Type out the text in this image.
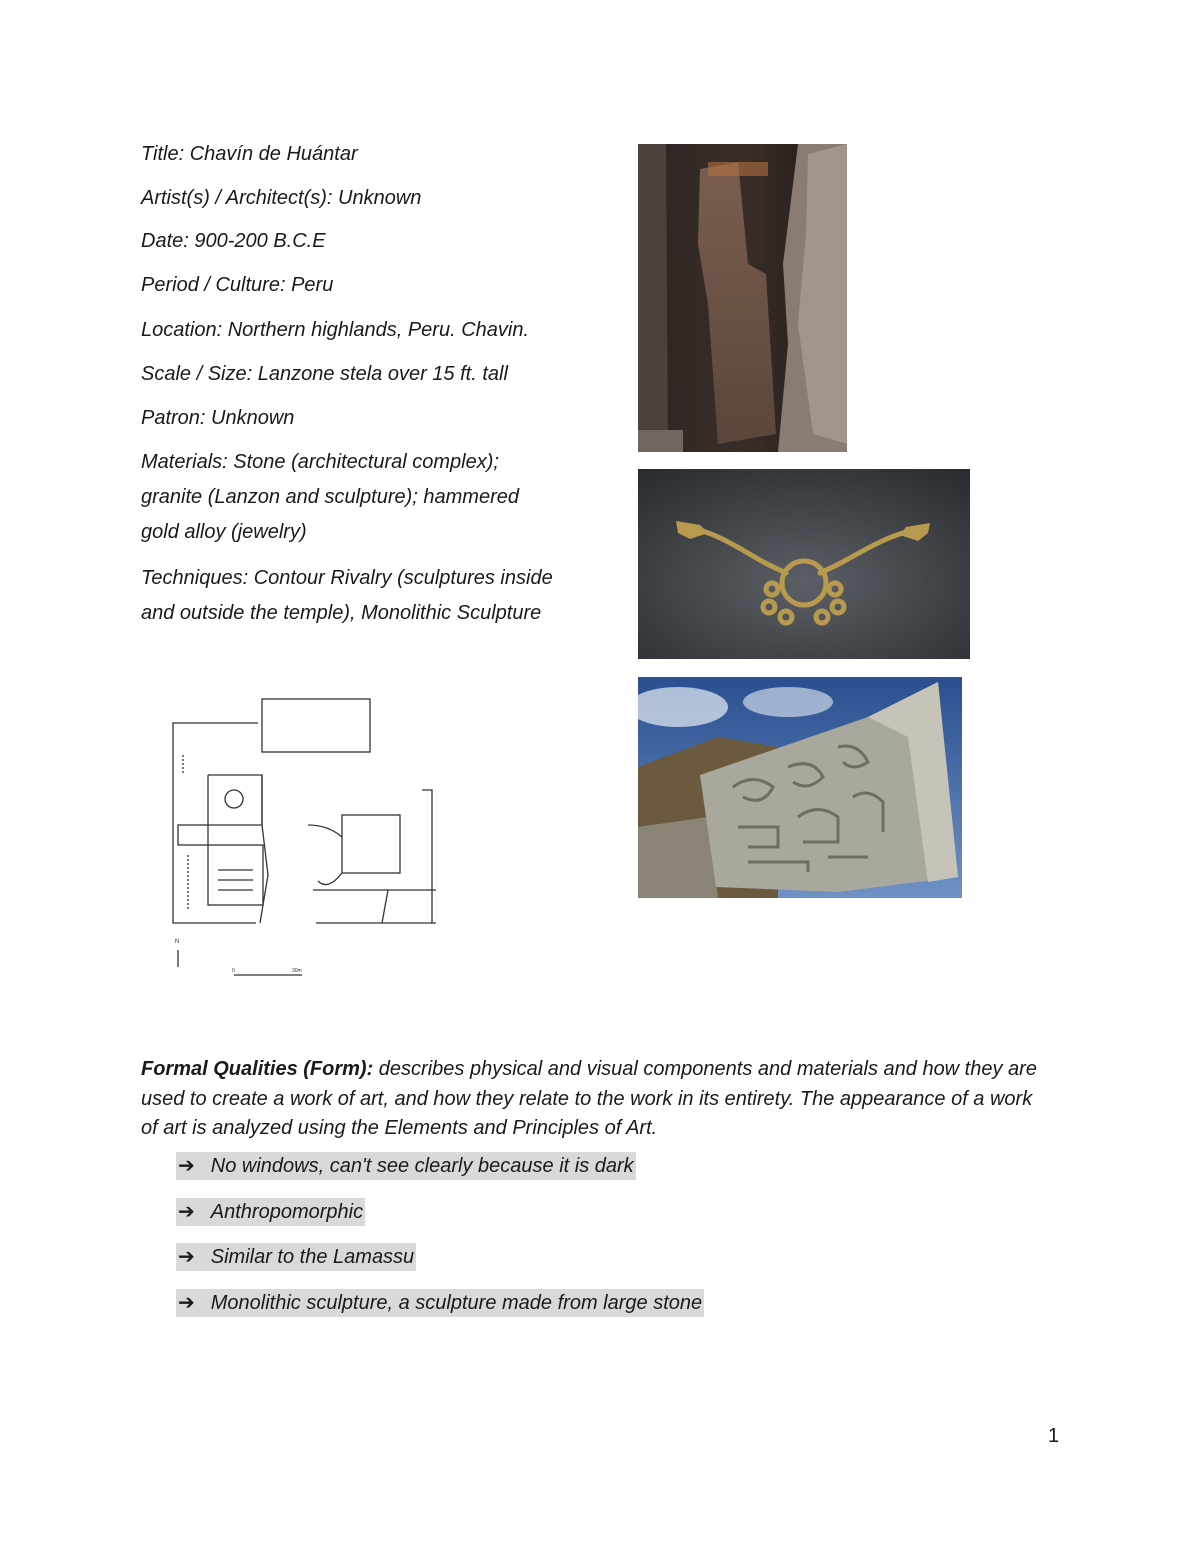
Title: Chavín de Huántar

Artist(s) / Architect(s): Unknown

Date: 900-200 B.C.E

Period / Culture: Peru

Location: Northern highlands, Peru. Chavin.

Scale / Size: Lanzone stela over 15 ft. tall

Patron: Unknown

Materials: Stone (architectural complex); granite (Lanzon and sculpture); hammered gold alloy (jewelry)

Techniques: Contour Rivalry (sculptures inside and outside the temple), Monolithic Sculpture

N
0	30m

Formal Qualities (Form): describes physical and visual components and materials and how they are used to create a work of art, and how they relate to the work in its entirety. The appearance of a work of art is analyzed using the Elements and Principles of Art.

➔ No windows, can't see clearly because it is dark
➔ Anthropomorphic
➔ Similar to the Lamassu
➔ Monolithic sculpture, a sculpture made from large stone
1
